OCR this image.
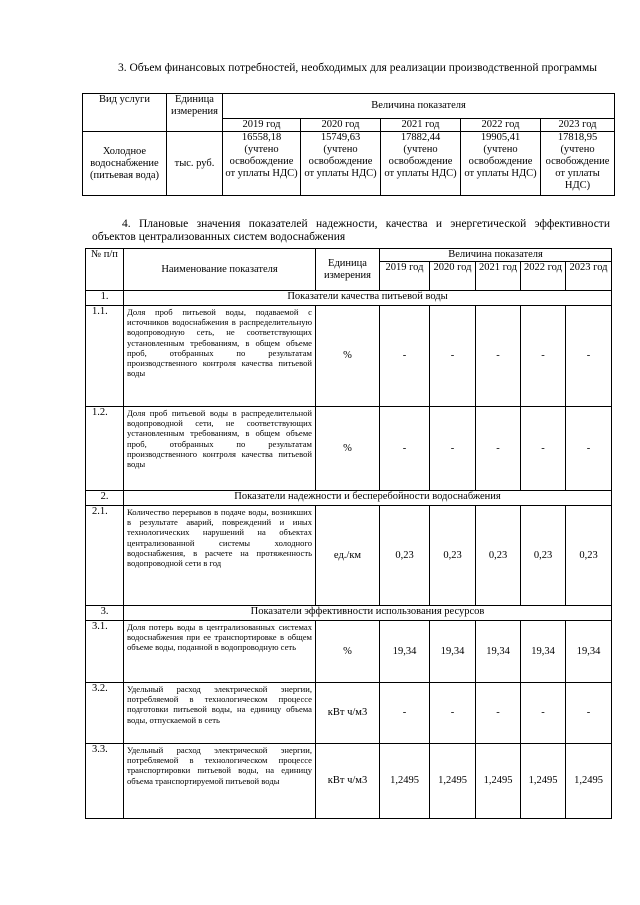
3. Объем финансовых потребностей, необходимых для реализации производственной программы

Вид услуги	Единица измерения	Величина показателя				
		2019 год	2020 год	2021 год	2022 год	2023 год
Холодное водоснабжение (питьевая вода)	тыс. руб.	16558,18 (учтено освобождение от уплаты НДС)	15749,63 (учтено освобождение от уплаты НДС)	17882,44 (учтено освобождение от уплаты НДС)	19905,41 (учтено освобождение от уплаты НДС)	17818,95 (учтено освобождение от уплаты НДС)

4. Плановые значения показателей надежности, качества и энергетической эффективности объектов централизованных систем водоснабжения

№ п/п	Наименование показателя	Единица измерения	Величина показателя				
			2019 год	2020 год	2021 год	2022 год	2023 год
1.	Показатели качества питьевой воды						
1.1.	Доля проб питьевой воды, подаваемой с источников водоснабжения в распределительную водопроводную сеть, не соответствующих установленным требованиям, в общем объеме проб, отобранных по результатам производственного контроля качества питьевой воды	%	-	-	-	-	-
1.2.	Доля проб питьевой воды в распределительной водопроводной сети, не соответствующих установленным требованиям, в общем объеме проб, отобранных по результатам производственного контроля качества питьевой воды	%	-	-	-	-	-
2.	Показатели надежности и бесперебойности водоснабжения						
2.1.	Количество перерывов в подаче воды, возникших в результате аварий, повреждений и иных технологических нарушений на объектах централизованной системы холодного водоснабжения, в расчете на протяженность водопроводной сети в год	ед./км	0,23	0,23	0,23	0,23	0,23
3.	Показатели эффективности использования ресурсов						
3.1.	Доля потерь воды в централизованных системах водоснабжения при ее транспортировке в общем объеме воды, поданной в водопроводную сеть	%	19,34	19,34	19,34	19,34	19,34
3.2.	Удельный расход электрической энергии, потребляемой в технологическом процессе подготовки питьевой воды, на единицу объема воды, отпускаемой в сеть	кВт ч/м3	-	-	-	-	-
3.3.	Удельный расход электрической энергии, потребляемой в технологическом процессе транспортировки питьевой воды, на единицу объема транспортируемой питьевой воды	кВт ч/м3	1,2495	1,2495	1,2495	1,2495	1,2495
